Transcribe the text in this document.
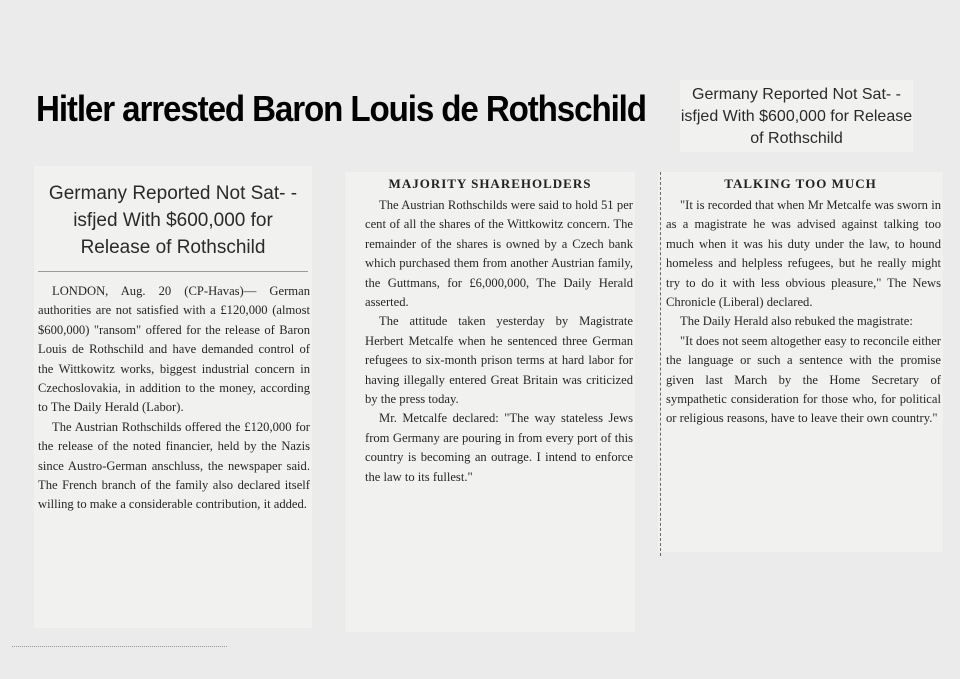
Hitler arrested Baron Louis de Rothschild	Germany Reported Not Sat- - isfjed With $600,000 for Release of Rothschild
Germany Reported Not Sat- - isfjed With $600,000 for Release of Rothschild

LONDON, Aug. 20 (CP-Havas)— German authorities are not satisfied with a £120,000 (almost $600,000) "ransom" offered for the release of Baron Louis de Rothschild and have demanded control of the Wittkowitz works, biggest industrial concern in Czechoslovakia, in addition to the money, according to The Daily Herald (Labor).

The Austrian Rothschilds offered the £120,000 for the release of the noted financier, held by the Nazis since Austro-German anschluss, the newspaper said. The French branch of the family also declared itself willing to make a considerable contribution, it added.

MAJORITY SHAREHOLDERS

The Austrian Rothschilds were said to hold 51 per cent of all the shares of the Wittkowitz concern. The remainder of the shares is owned by a Czech bank which purchased them from another Austrian family, the Guttmans, for £6,000,000, The Daily Herald asserted.

The attitude taken yesterday by Magistrate Herbert Metcalfe when he sentenced three German refugees to six-month prison terms at hard labor for having illegally entered Great Britain was criticized by the press today.

Mr. Metcalfe declared: "The way stateless Jews from Germany are pouring in from every port of this country is becoming an outrage. I intend to enforce the law to its fullest."

TALKING TOO MUCH

"It is recorded that when Mr Metcalfe was sworn in as a magistrate he was advised against talking too much when it was his duty under the law, to hound homeless and helpless refugees, but he really might try to do it with less obvious pleasure," The News Chronicle (Liberal) declared.

The Daily Herald also rebuked the magistrate:

"It does not seem altogether easy to reconcile either the language or such a sentence with the promise given last March by the Home Secretary of sympathetic consideration for those who, for political or religious reasons, have to leave their own country."
